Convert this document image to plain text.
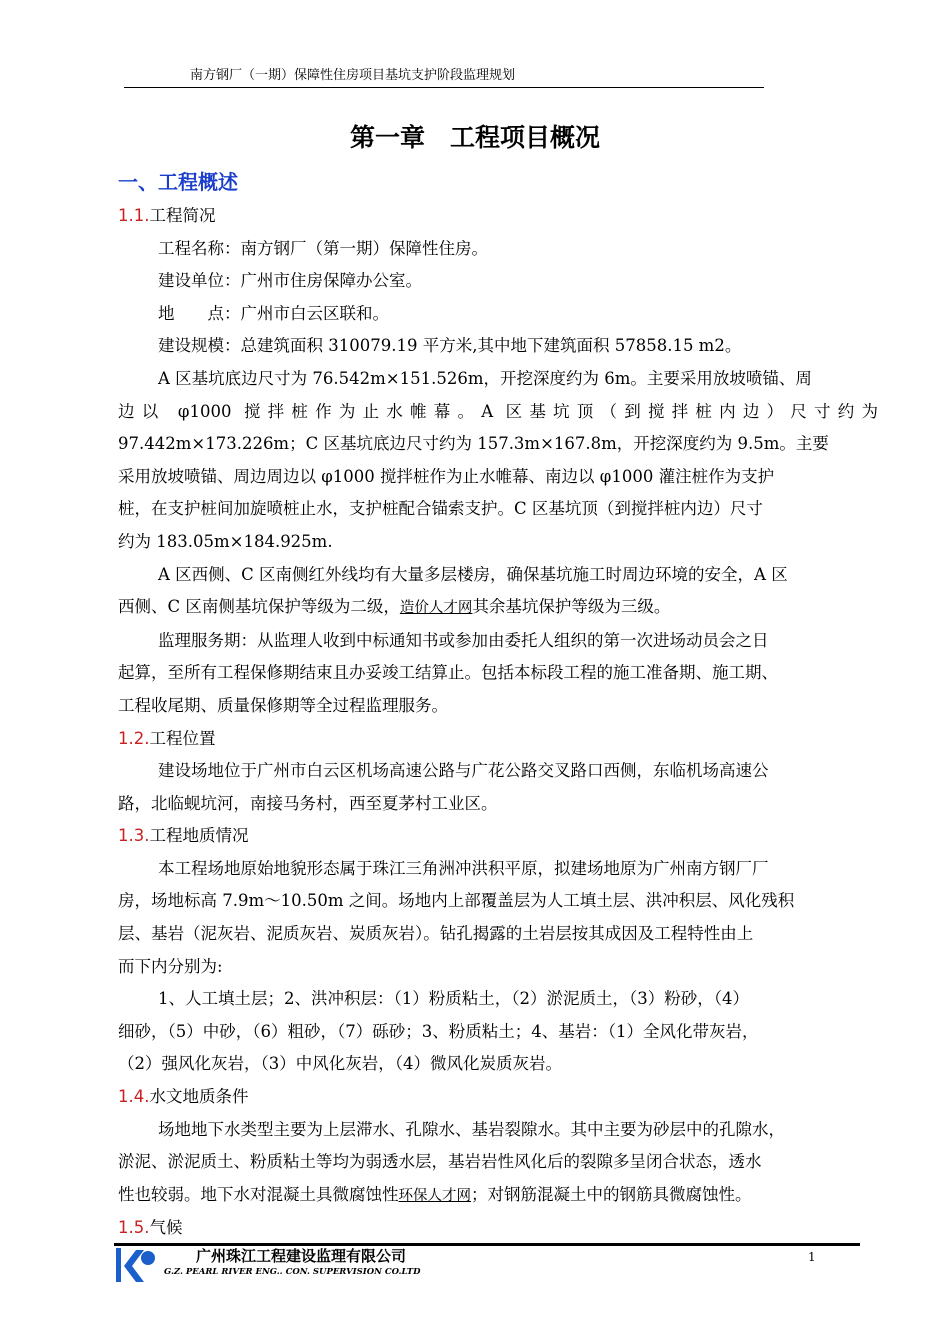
南方钢厂（一期）保障性住房项目基坑支护阶段监理规划
第一章　工程项目概况
一、工程概述
1.1.工程简况
工程名称：南方钢厂（第一期）保障性住房。
建设单位：广州市住房保障办公室。
地　　点：广州市白云区联和。
建设规模：总建筑面积 310079.19 平方米,其中地下建筑面积 57858.15 m2。
A 区基坑底边尺寸为 76.542m×151.526m，开挖深度约为 6m。主要采用放坡喷锚、周
边以 φ1000 搅拌桩作为止水帷幕。A 区基坑顶（到搅拌桩内边）尺寸约为
97.442m×173.226m；C 区基坑底边尺寸约为 157.3m×167.8m，开挖深度约为 9.5m。主要
采用放坡喷锚、周边周边以 φ1000 搅拌桩作为止水帷幕、南边以 φ1000 灌注桩作为支护
桩，在支护桩间加旋喷桩止水，支护桩配合锚索支护。C 区基坑顶（到搅拌桩内边）尺寸
约为 183.05m×184.925m.
A 区西侧、C 区南侧红外线均有大量多层楼房，确保基坑施工时周边环境的安全，A 区
西侧、C 区南侧基坑保护等级为二级，造价人才网其余基坑保护等级为三级。
监理服务期：从监理人收到中标通知书或参加由委托人组织的第一次进场动员会之日
起算，至所有工程保修期结束且办妥竣工结算止。包括本标段工程的施工准备期、施工期、
工程收尾期、质量保修期等全过程监理服务。
1.2.工程位置
建设场地位于广州市白云区机场高速公路与广花公路交叉路口西侧，东临机场高速公
路，北临蚬坑河，南接马务村，西至夏茅村工业区。
1.3.工程地质情况
本工程场地原始地貌形态属于珠江三角洲冲洪积平原，拟建场地原为广州南方钢厂厂
房，场地标高 7.9m～10.50m 之间。场地内上部覆盖层为人工填土层、洪冲积层、风化残积
层、基岩（泥灰岩、泥质灰岩、炭质灰岩）。钻孔揭露的土岩层按其成因及工程特性由上
而下内分别为:
1、人工填土层；2、洪冲积层：（1）粉质粘土，（2）淤泥质土，（3）粉砂，（4）
细砂，（5）中砂，（6）粗砂，（7）砾砂；3、粉质粘土；4、基岩：（1）全风化带灰岩，
（2）强风化灰岩，（3）中风化灰岩，（4）微风化炭质灰岩。
1.4.水文地质条件
场地地下水类型主要为上层滞水、孔隙水、基岩裂隙水。其中主要为砂层中的孔隙水，
淤泥、淤泥质土、粉质粘土等均为弱透水层，基岩岩性风化后的裂隙多呈闭合状态，透水
性也较弱。地下水对混凝土具微腐蚀性环保人才网；对钢筋混凝土中的钢筋具微腐蚀性。
1.5.气候
广州珠江工程建设监理有限公司
G.Z. PEARL RIVER ENG.. CON. SUPERVISION CO.LTD
1
